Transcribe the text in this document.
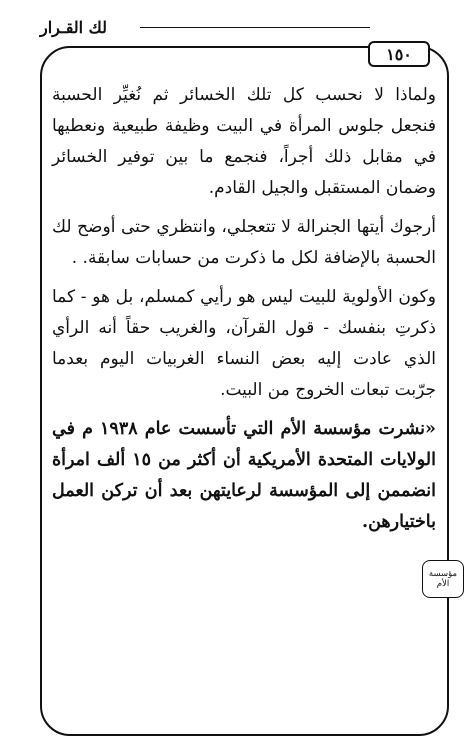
لك القـرار
١٥٠

ولماذا لا نحسب كل تلك الخسائر ثم نُغيِّر الحسبة فنجعل جلوس المرأة في البيت وظيفة طبيعية ونعطيها في مقابل ذلك أجراً، فنجمع ما بين توفير الخسائر وضمان المستقبل والجيل القادم.

أرجوك أيتها الجنرالة لا تتعجلي، وانتظري حتى أوضح لك الحسبة بالإضافة لكل ما ذكرت من حسابات سابقة. .

وكون الأولوية للبيت ليس هو رأيي كمسلم، بل هو - كما ذكرتِ بنفسك - قول القرآن، والغريب حقاً أنه الرأي الذي عادت إليه بعض النساء الغربيات اليوم بعدما جرّبت تبعات الخروج من البيت.

«نشرت مؤسسة الأم التي تأسست عام ١٩٣٨ م في الولايات المتحدة الأمريكية أن أكثر من ١٥ ألف امرأة انضممن إلى المؤسسة لرعايتهن بعد أن تركن العمل باختيارهن.

مؤسسة الأم
